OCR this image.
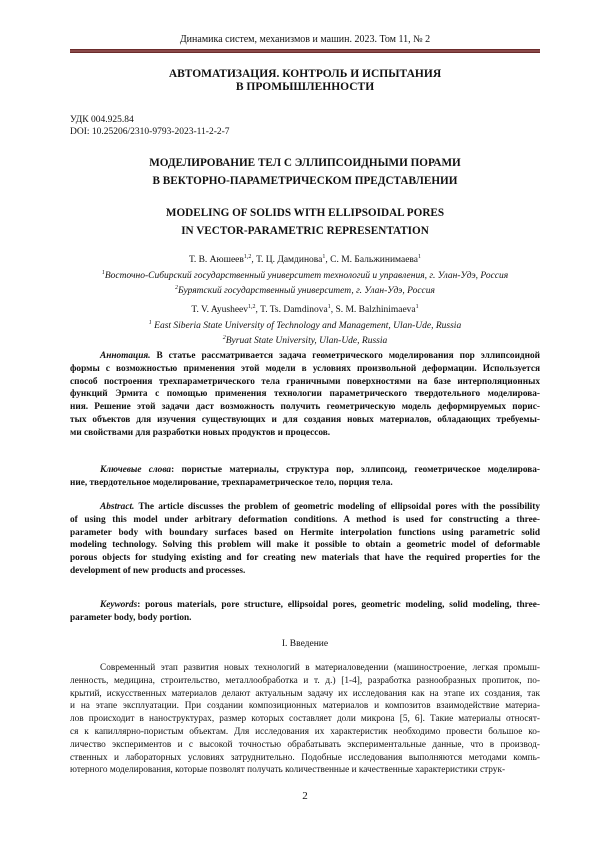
Динамика систем, механизмов и машин. 2023. Том 11, № 2
АВТОМАТИЗАЦИЯ. КОНТРОЛЬ И ИСПЫТАНИЯ
В ПРОМЫШЛЕННОСТИ
УДК 004.925.84
DOI: 10.25206/2310-9793-2023-11-2-2-7
МОДЕЛИРОВАНИЕ ТЕЛ С ЭЛЛИПСОИДНЫМИ ПОРАМИ
В ВЕКТОРНО-ПАРАМЕТРИЧЕСКОМ ПРЕДСТАВЛЕНИИ
MODELING OF SOLIDS WITH ELLIPSOIDAL PORES
IN VECTOR-PARAMETRIC REPRESENTATION
Т. В. Аюшеев1,2, Т. Ц. Дамдинова1, С. М. Бальжинимаева1
1Восточно-Сибирский государственный университет технологий и управления, г. Улан-Удэ, Россия
2Бурятский государственный университет, г. Улан-Удэ, Россия
T. V. Ayusheev1,2, T. Ts. Damdinova1, S. M. Balzhinimaeva1
1 East Siberia State University of Technology and Management, Ulan-Ude, Russia
2Byruat State University, Ulan-Ude, Russia
Аннотация. В статье рассматривается задача геометрического моделирования пор эллипсоидной
формы с возможностью применения этой модели в условиях произвольной деформации. Используется
способ построения трехпараметрического тела граничными поверхностями на базе интерполяционных
функций Эрмита с помощью применения технологии параметрического твердотельного моделирова-
ния. Решение этой задачи даст возможность получить геометрическую модель деформируемых порис-
тых объектов для изучения существующих и для создания новых материалов, обладающих требуемы-
ми свойствами для разработки новых продуктов и процессов.
Ключевые слова: пористые материалы, структура пор, эллипсоид, геометрическое моделирова-
ние, твердотельное моделирование, трехпараметрическое тело, порция тела.
Abstract. The article discusses the problem of geometric modeling of ellipsoidal pores with the possibility
of using this model under arbitrary deformation conditions. A method is used for constructing a three-
parameter body with boundary surfaces based on Hermite interpolation functions using parametric solid
modeling technology. Solving this problem will make it possible to obtain a geometric model of deformable
porous objects for studying existing and for creating new materials that have the required properties for the
development of new products and processes.
Keywords: porous materials, pore structure, ellipsoidal pores, geometric modeling, solid modeling, three-
parameter body, body portion.
I. Введение
Современный этап развития новых технологий в материаловедении (машиностроение, легкая промыш-
ленность, медицина, строительство, металлообработка и т. д.) [1-4], разработка разнообразных пропиток, по-
крытий, искусственных материалов делают актуальным задачу их исследования как на этапе их создания, так
и на этапе эксплуатации. При создании композиционных материалов и композитов взаимодействие материа-
лов происходит в наноструктурах, размер которых составляет доли микрона [5, 6]. Такие материалы относят-
ся к капиллярно-пористым объектам. Для исследования их характеристик необходимо провести большое ко-
личество экспериментов и с высокой точностью обрабатывать экспериментальные данные, что в производ-
ственных и лабораторных условиях затруднительно. Подобные исследования выполняются методами компь-
ютерного моделирования, которые позволят получать количественные и качественные характеристики струк-
2
